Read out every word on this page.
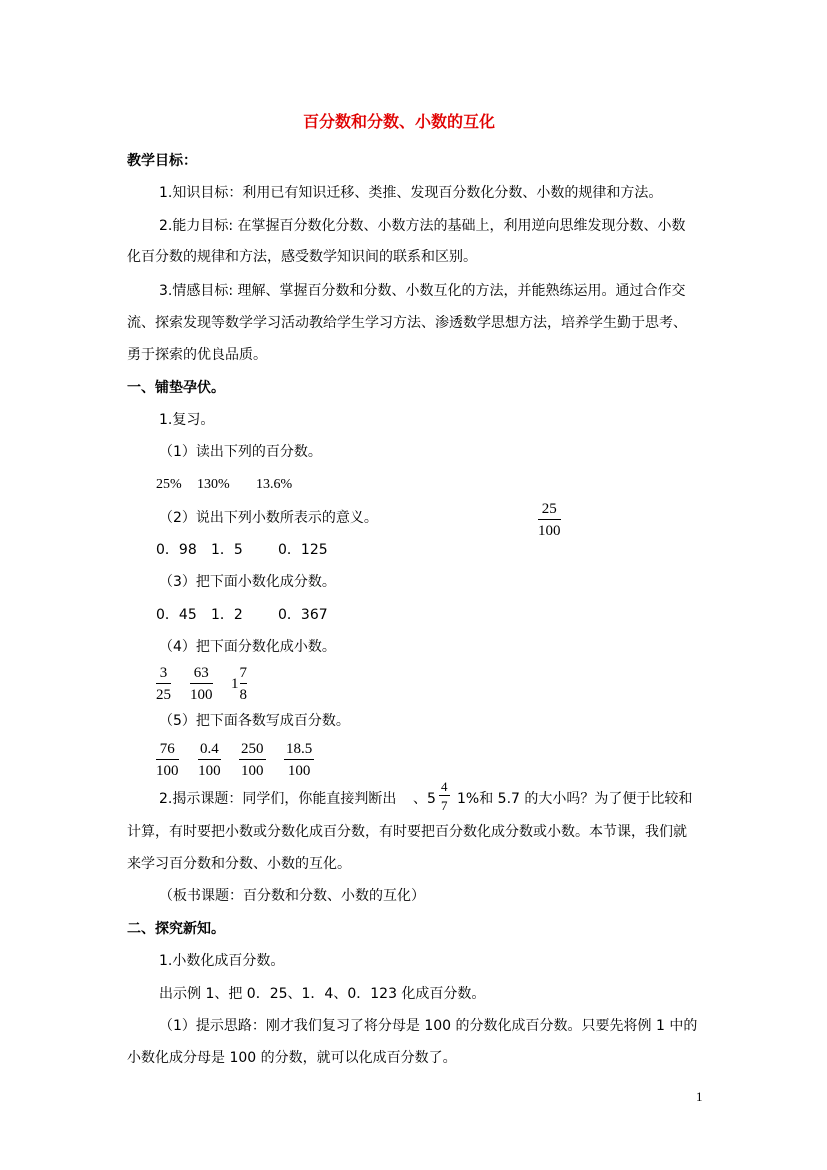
百分数和分数、小数的互化
教学目标：
1.知识目标：利用已有知识迁移、类推、发现百分数化分数、小数的规律和方法。
2.能力目标: 在掌握百分数化分数、小数方法的基础上，利用逆向思维发现分数、小数
化百分数的规律和方法，感受数学知识间的联系和区别。
3.情感目标: 理解、掌握百分数和分数、小数互化的方法，并能熟练运用。通过合作交
流、探索发现等数学学习活动教给学生学习方法、渗透数学思想方法，培养学生勤于思考、
勇于探索的优良品质。
一、铺垫孕伏。
1.复习。
（1）读出下列的百分数。
25% 130% 13.6%
（2）说出下列小数所表示的意义。
25
100
0．98 1．5	0．125
（3）把下面小数化成分数。
0．45 1．2	0．367
（4）把下面分数化成小数。
3
25
63
100
1
7
8
（5）把下面各数写成百分数。
76
100
0.4
100
250
100
18.5
100
2.揭示课题：同学们，你能直接判断出 、5
4
7 1%和 5.7 的大小吗？为了便于比较和
计算，有时要把小数或分数化成百分数，有时要把百分数化成分数或小数。本节课，我们就
来学习百分数和分数、小数的互化。
（板书课题：百分数和分数、小数的互化）
二、探究新知。
1.小数化成百分数。
出示例 1、把 0．25、1．4、0．123 化成百分数。
（1）提示思路：刚才我们复习了将分母是 100 的分数化成百分数。只要先将例 1 中的
小数化成分母是 100 的分数，就可以化成百分数了。
1
